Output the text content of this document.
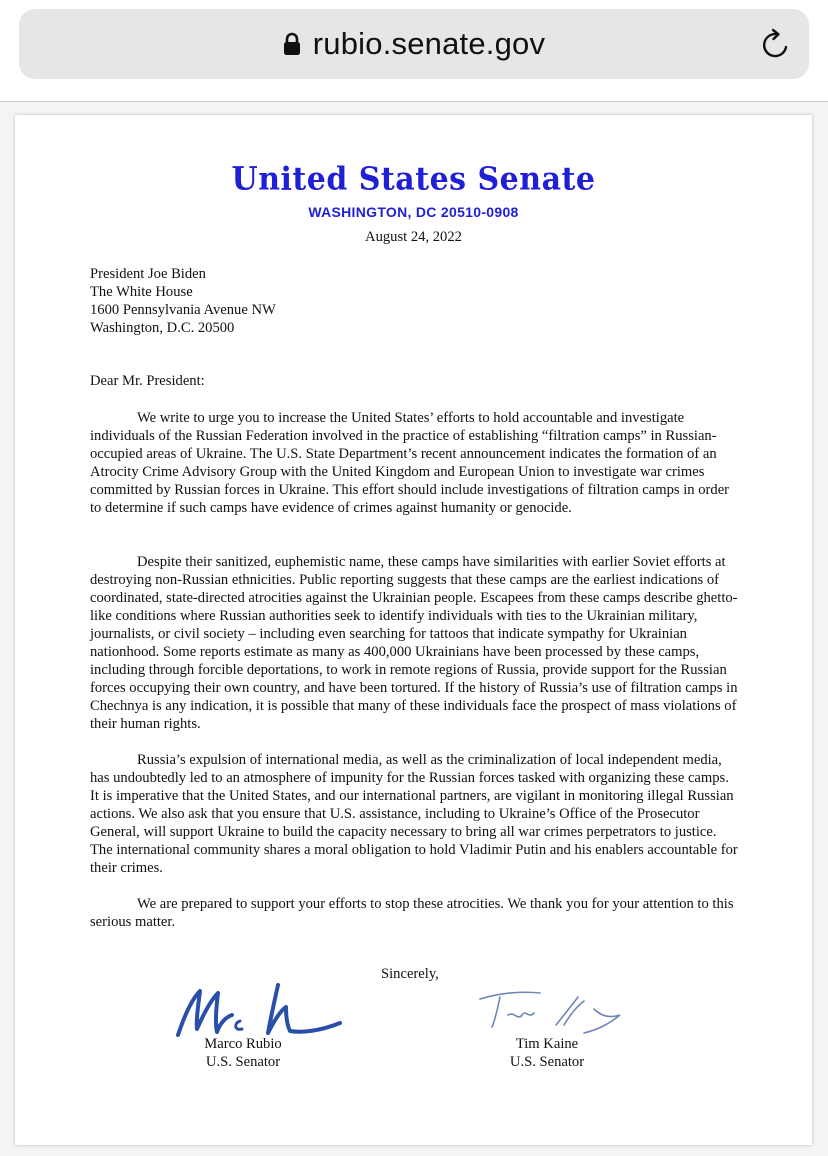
rubio.senate.gov
United States Senate
WASHINGTON, DC 20510-0908
August 24, 2022
President Joe Biden
The White House
1600 Pennsylvania Avenue NW
Washington, D.C. 20500
Dear Mr. President:

We write to urge you to increase the United States’ efforts to hold accountable and investigate individuals of the Russian Federation involved in the practice of establishing “filtration camps” in Russian-occupied areas of Ukraine. The U.S. State Department’s recent announcement indicates the formation of an Atrocity Crime Advisory Group with the United Kingdom and European Union to investigate war crimes committed by Russian forces in Ukraine. This effort should include investigations of filtration camps in order to determine if such camps have evidence of crimes against humanity or genocide.

Despite their sanitized, euphemistic name, these camps have similarities with earlier Soviet efforts at destroying non-Russian ethnicities. Public reporting suggests that these camps are the earliest indications of coordinated, state-directed atrocities against the Ukrainian people. Escapees from these camps describe ghetto-like conditions where Russian authorities seek to identify individuals with ties to the Ukrainian military, journalists, or civil society – including even searching for tattoos that indicate sympathy for Ukrainian nationhood. Some reports estimate as many as 400,000 Ukrainians have been processed by these camps, including through forcible deportations, to work in remote regions of Russia, provide support for the Russian forces occupying their own country, and have been tortured. If the history of Russia’s use of filtration camps in Chechnya is any indication, it is possible that many of these individuals face the prospect of mass violations of their human rights.

Russia’s expulsion of international media, as well as the criminalization of local independent media, has undoubtedly led to an atmosphere of impunity for the Russian forces tasked with organizing these camps. It is imperative that the United States, and our international partners, are vigilant in monitoring illegal Russian actions. We also ask that you ensure that U.S. assistance, including to Ukraine’s Office of the Prosecutor General, will support Ukraine to build the capacity necessary to bring all war crimes perpetrators to justice. The international community shares a moral obligation to hold Vladimir Putin and his enablers accountable for their crimes.

We are prepared to support your efforts to stop these atrocities. We thank you for your attention to this serious matter.

Sincerely,
Marco Rubio
U.S. Senator
Tim Kaine
U.S. Senator
